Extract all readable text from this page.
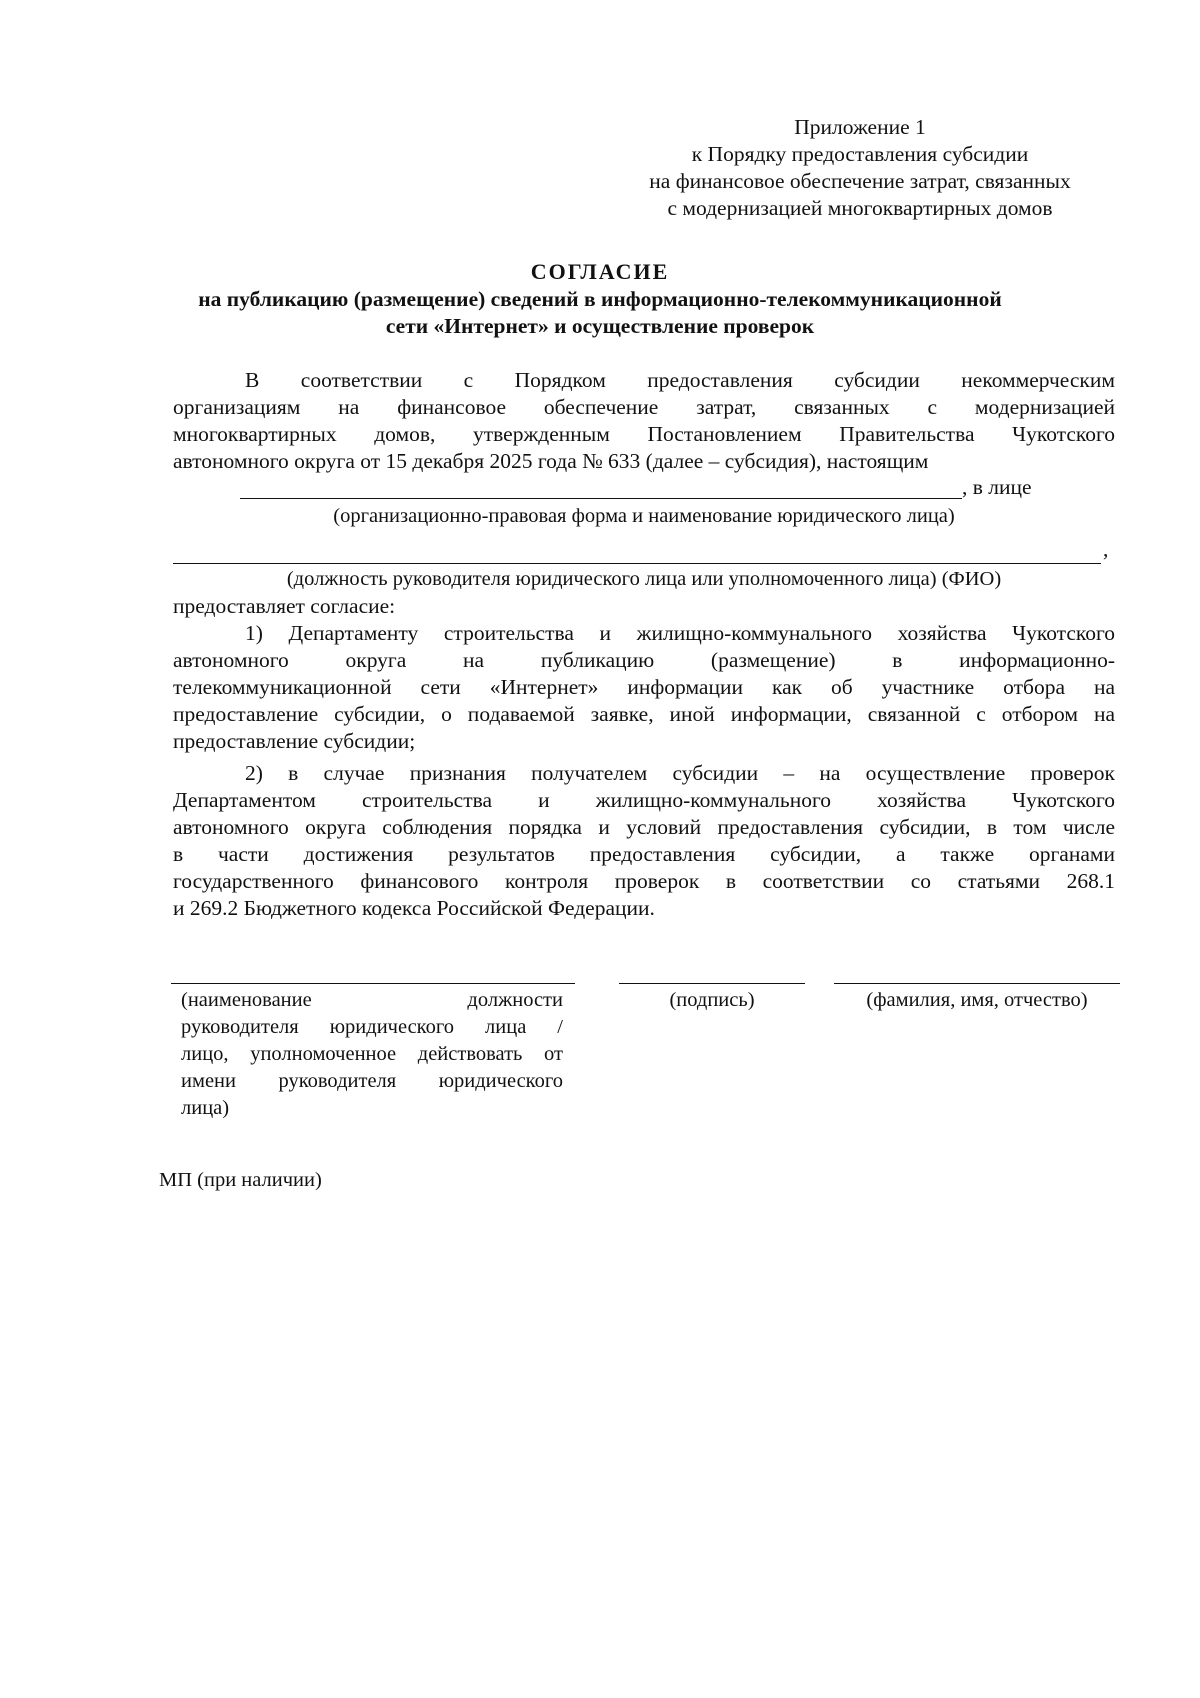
Приложение 1
к Порядку предоставления субсидии
на финансовое обеспечение затрат, связанных
с модернизацией многоквартирных домов
СОГЛАСИЕ
на публикацию (размещение) сведений в информационно-телекоммуникационной
сети «Интернет» и осуществление проверок
В соответствии с Порядком предоставления субсидии некоммерческим
организациям на финансовое обеспечение затрат, связанных с модернизацией
многоквартирных домов, утвержденным Постановлением Правительства Чукотского
автономного округа от 15 декабря 2025 года № 633 (далее – субсидия), настоящим
, в лице
(организационно-правовая форма и наименование юридического лица)
,
(должность руководителя юридического лица или уполномоченного лица) (ФИО)
предоставляет согласие:
1) Департаменту строительства и жилищно-коммунального хозяйства Чукотского
автономного округа на публикацию (размещение) в информационно-
телекоммуникационной сети «Интернет» информации как об участнике отбора на
предоставление субсидии, о подаваемой заявке, иной информации, связанной с отбором на
предоставление субсидии;
2) в случае признания получателем субсидии – на осуществление проверок
Департаментом строительства и жилищно-коммунального хозяйства Чукотского
автономного округа соблюдения порядка и условий предоставления субсидии, в том числе
в части достижения результатов предоставления субсидии, а также органами
государственного финансового контроля проверок в соответствии со статьями 268.1
и 269.2 Бюджетного кодекса Российской Федерации.
(наименование должности
руководителя юридического лица /
лицо, уполномоченное действовать от
имени руководителя юридического
лица)
(подпись)	(фамилия, имя, отчество)
МП (при наличии)
